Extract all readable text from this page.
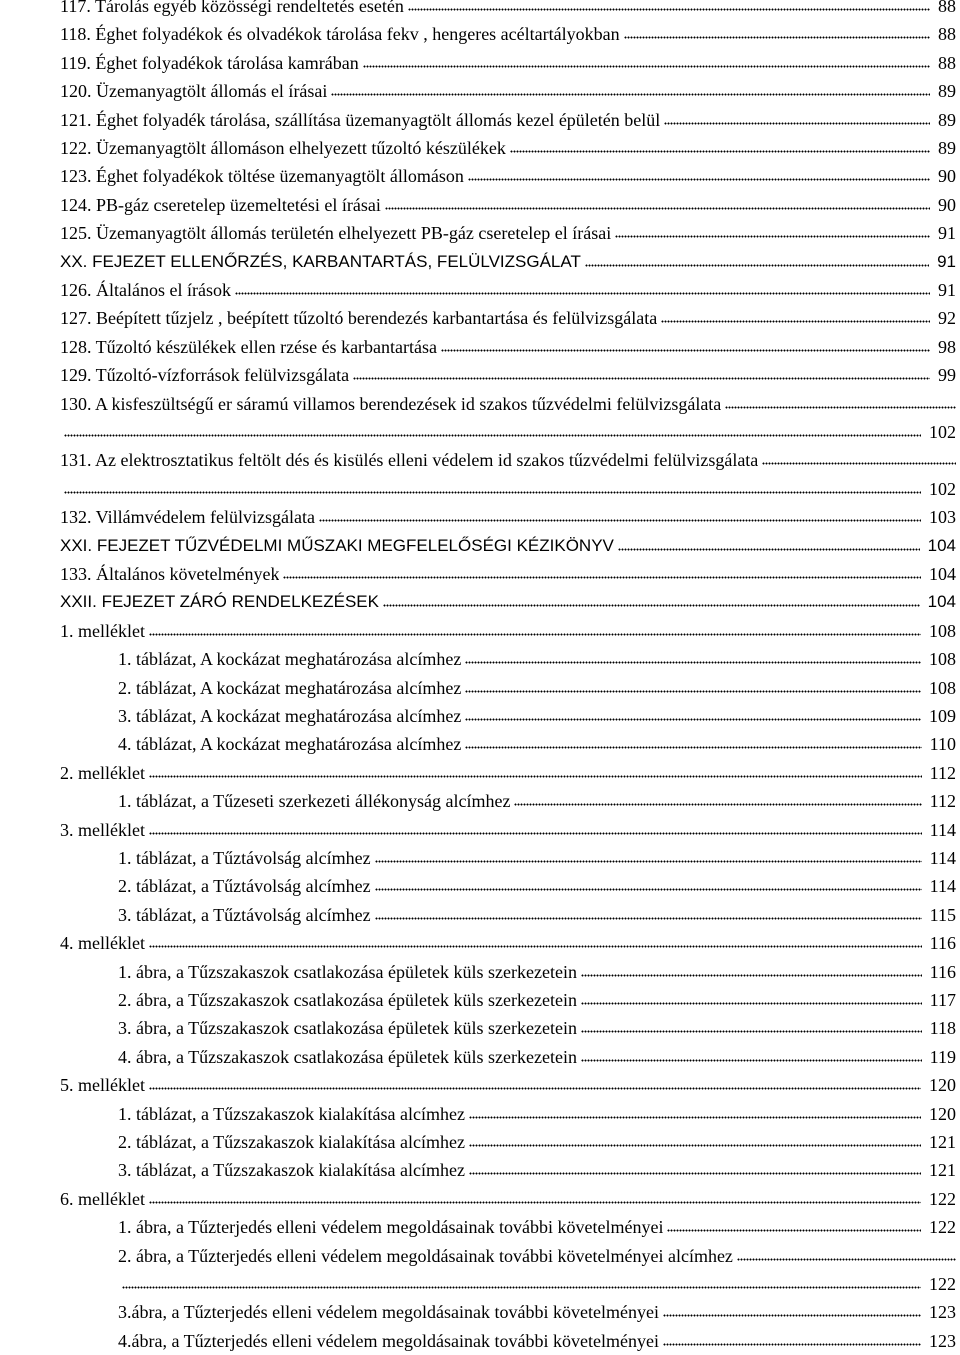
117. Tárolás egyéb közösségi rendeltetés esetén	88
118. Éghet folyadékok és olvadékok tárolása fekv , hengeres acéltartályokban	88
119. Éghet folyadékok tárolása kamrában	88
120. Üzemanyagtölt állomás el írásai	89
121. Éghet folyadék tárolása, szállítása üzemanyagtölt állomás kezel épületén belül	89
122. Üzemanyagtölt állomáson elhelyezett tűzoltó készülékek	89
123. Éghet folyadékok töltése üzemanyagtölt állomáson	90
124. PB-gáz cseretelep üzemeltetési el írásai	90
125. Üzemanyagtölt állomás területén elhelyezett PB-gáz cseretelep el írásai	91
XX. FEJEZET ELLENŐRZÉS, KARBANTARTÁS, FELÜLVIZSGÁLAT	91
126. Általános el írások	91
127. Beépített tűzjelz , beépített tűzoltó berendezés karbantartása és felülvizsgálata	92
128. Tűzoltó készülékek ellen rzése és karbantartása	98
129. Tűzoltó-vízforrások felülvizsgálata	99
130. A kisfeszültségű er sáramú villamos berendezések id szakos tűzvédelmi felülvizsgálata
102
131. Az elektrosztatikus feltölt dés és kisülés elleni védelem id szakos tűzvédelmi felülvizsgálata
102
132. Villámvédelem felülvizsgálata	103
XXI. FEJEZET TŰZVÉDELMI MŰSZAKI MEGFELELŐSÉGI KÉZIKÖNYV	104
133. Általános követelmények	104
XXII. FEJEZET ZÁRÓ RENDELKEZÉSEK	104
1. melléklet	108
1. táblázat, A kockázat meghatározása alcímhez	108
2. táblázat, A kockázat meghatározása alcímhez	108
3. táblázat, A kockázat meghatározása alcímhez	109
4. táblázat, A kockázat meghatározása alcímhez	110
2. melléklet	112
1. táblázat, a Tűzeseti szerkezeti állékonyság alcímhez	112
3. melléklet	114
1. táblázat, a Tűztávolság alcímhez	114
2. táblázat, a Tűztávolság alcímhez	114
3. táblázat, a Tűztávolság alcímhez	115
4. melléklet	116
1. ábra, a Tűzszakaszok csatlakozása épületek küls szerkezetein	116
2. ábra, a Tűzszakaszok csatlakozása épületek küls szerkezetein	117
3. ábra, a Tűzszakaszok csatlakozása épületek küls szerkezetein	118
4. ábra, a Tűzszakaszok csatlakozása épületek küls szerkezetein	119
5. melléklet	120
1. táblázat, a Tűzszakaszok kialakítása alcímhez	120
2. táblázat, a Tűzszakaszok kialakítása alcímhez	121
3. táblázat, a Tűzszakaszok kialakítása alcímhez	121
6. melléklet	122
1. ábra, a Tűzterjedés elleni védelem megoldásainak további követelményei	122
2. ábra, a Tűzterjedés elleni védelem megoldásainak további követelményei alcímhez
122
3.ábra, a Tűzterjedés elleni védelem megoldásainak további követelményei	123
4.ábra, a Tűzterjedés elleni védelem megoldásainak további követelményei	123
